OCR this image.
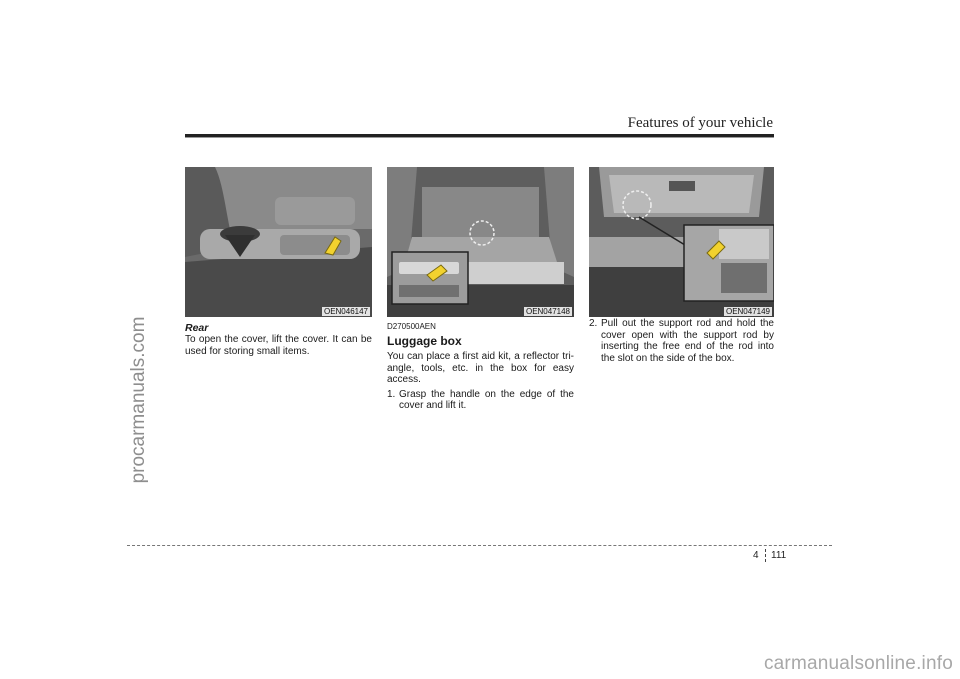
procarmanuals.com
Features of your vehicle
OEN046147	OEN047148	OEN047149

Rear

To open the cover, lift the cover. It can be used for storing small items.

D270500AEN

Luggage box

You can place a first aid kit, a reflector tri-angle, tools, etc. in the box for easy access.

1. Grasp the handle on the edge of the cover and lift it.
2. Pull out the support rod and hold the cover open with the support rod by inserting the free end of the rod into the slot on the side of the box.
4 111
carmanualsonline.info
